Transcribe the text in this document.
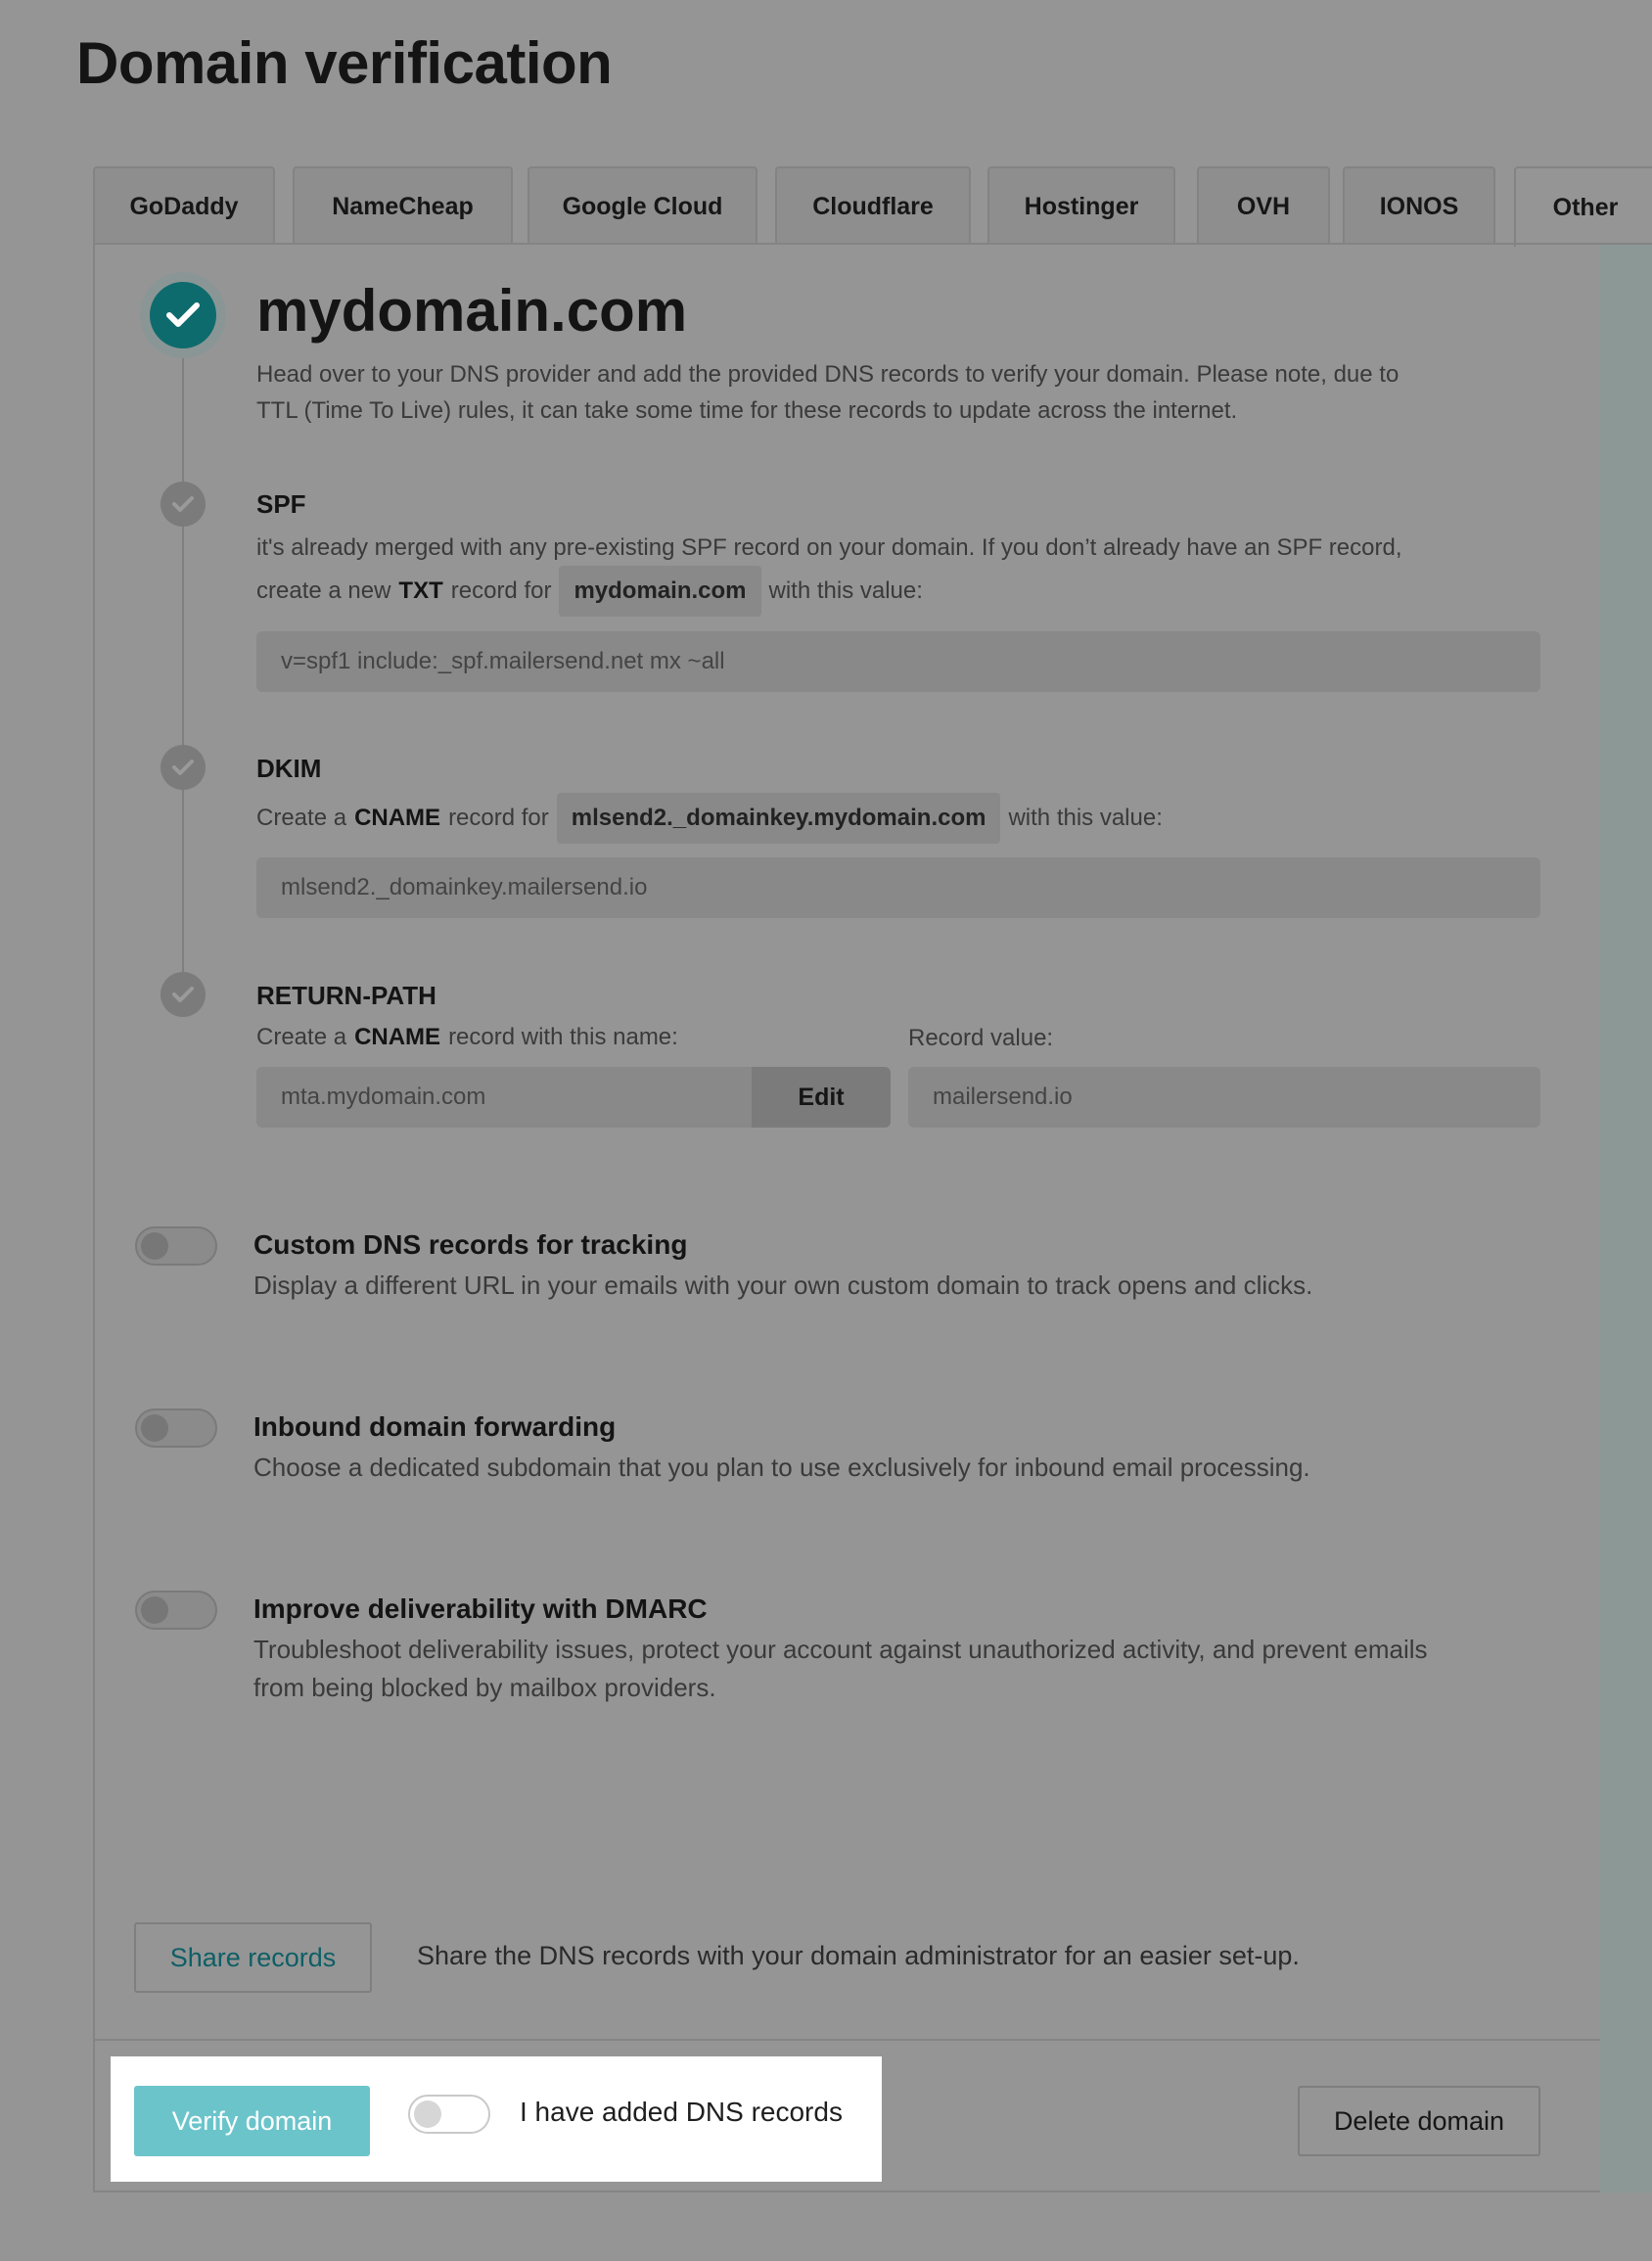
Domain verification
GoDaddy	NameCheap	Google Cloud	Cloudflare	Hostinger	OVH	IONOS	Other
mydomain.com
Head over to your DNS provider and add the provided DNS records to verify your domain. Please note, due to
TTL (Time To Live) rules, it can take some time for these records to update across the internet.
SPF
it's already merged with any pre-existing SPF record on your domain. If you don’t already have an SPF record,
create a new TXT record for mydomain.com with this value:
v=spf1 include:_spf.mailersend.net mx ~all
DKIM
Create a CNAME record for mlsend2._domainkey.mydomain.com with this value:
mlsend2._domainkey.mailersend.io
RETURN-PATH
Create a CNAME record with this name:	Record value:
mta.mydomain.com	Edit	mailersend.io
Custom DNS records for tracking
Display a different URL in your emails with your own custom domain to track opens and clicks.
Inbound domain forwarding
Choose a dedicated subdomain that you plan to use exclusively for inbound email processing.
Improve deliverability with DMARC
Troubleshoot deliverability issues, protect your account against unauthorized activity, and prevent emails
from being blocked by mailbox providers.
Share records	Share the DNS records with your domain administrator for an easier set-up.
Verify domain	I have added DNS records	Delete domain
